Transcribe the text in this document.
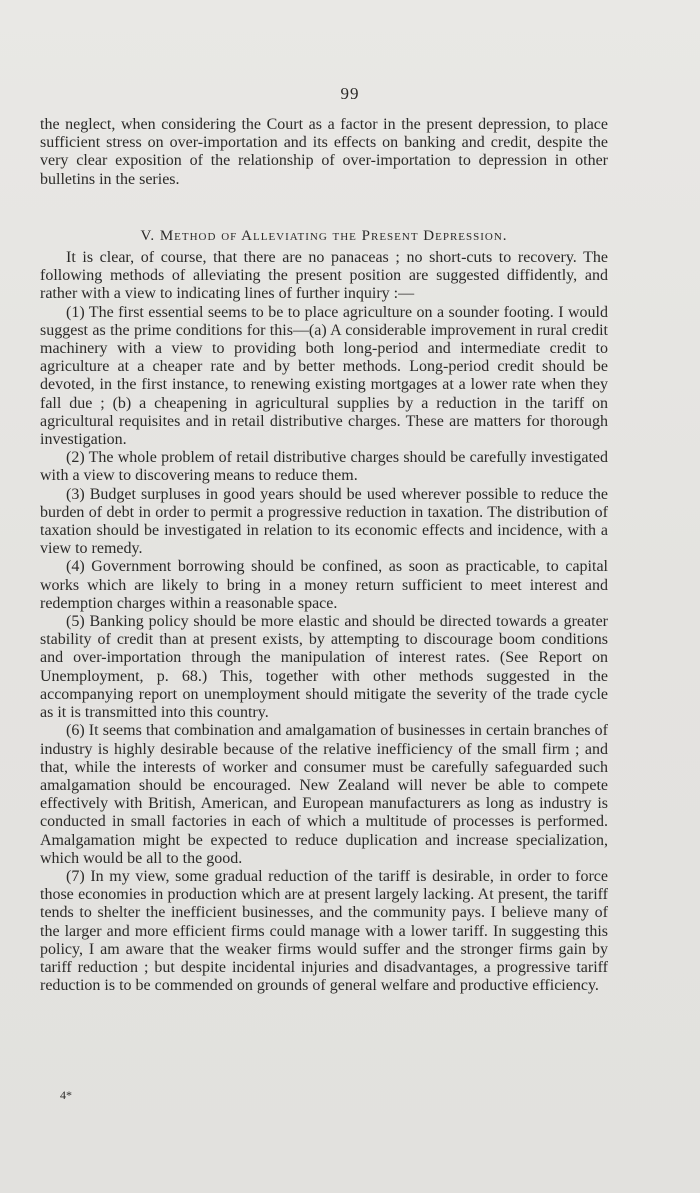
99

the neglect, when considering the Court as a factor in the present depression, to place sufficient stress on over-importation and its effects on banking and credit, despite the very clear exposition of the relationship of over-importation to depression in other bulletins in the series.

V. Method of Alleviating the Present Depression.

It is clear, of course, that there are no panaceas ; no short-cuts to recovery. The following methods of alleviating the present position are suggested diffidently, and rather with a view to indicating lines of further inquiry :—

(1) The first essential seems to be to place agriculture on a sounder footing. I would suggest as the prime conditions for this—(a) A considerable improvement in rural credit machinery with a view to providing both long-period and intermediate credit to agriculture at a cheaper rate and by better methods. Long-period credit should be devoted, in the first instance, to renewing existing mortgages at a lower rate when they fall due ; (b) a cheapening in agricultural supplies by a reduction in the tariff on agricultural requisites and in retail distributive charges. These are matters for thorough investigation.

(2) The whole problem of retail distributive charges should be carefully investigated with a view to discovering means to reduce them.

(3) Budget surpluses in good years should be used wherever possible to reduce the burden of debt in order to permit a progressive reduction in taxation. The distribution of taxation should be investigated in relation to its economic effects and incidence, with a view to remedy.

(4) Government borrowing should be confined, as soon as practicable, to capital works which are likely to bring in a money return sufficient to meet interest and redemption charges within a reasonable space.

(5) Banking policy should be more elastic and should be directed towards a greater stability of credit than at present exists, by attempting to discourage boom conditions and over-importation through the manipulation of interest rates. (See Report on Unemployment, p. 68.) This, together with other methods suggested in the accompanying report on unemployment should mitigate the severity of the trade cycle as it is transmitted into this country.

(6) It seems that combination and amalgamation of businesses in certain branches of industry is highly desirable because of the relative inefficiency of the small firm ; and that, while the interests of worker and consumer must be carefully safeguarded such amalgamation should be encouraged. New Zealand will never be able to compete effectively with British, American, and European manufacturers as long as industry is conducted in small factories in each of which a multitude of processes is performed. Amalgamation might be expected to reduce duplication and increase specialization, which would be all to the good.

(7) In my view, some gradual reduction of the tariff is desirable, in order to force those economies in production which are at present largely lacking. At present, the tariff tends to shelter the inefficient businesses, and the community pays. I believe many of the larger and more efficient firms could manage with a lower tariff. In suggesting this policy, I am aware that the weaker firms would suffer and the stronger firms gain by tariff reduction ; but despite incidental injuries and disadvantages, a progressive tariff reduction is to be commended on grounds of general welfare and productive efficiency.

4*
